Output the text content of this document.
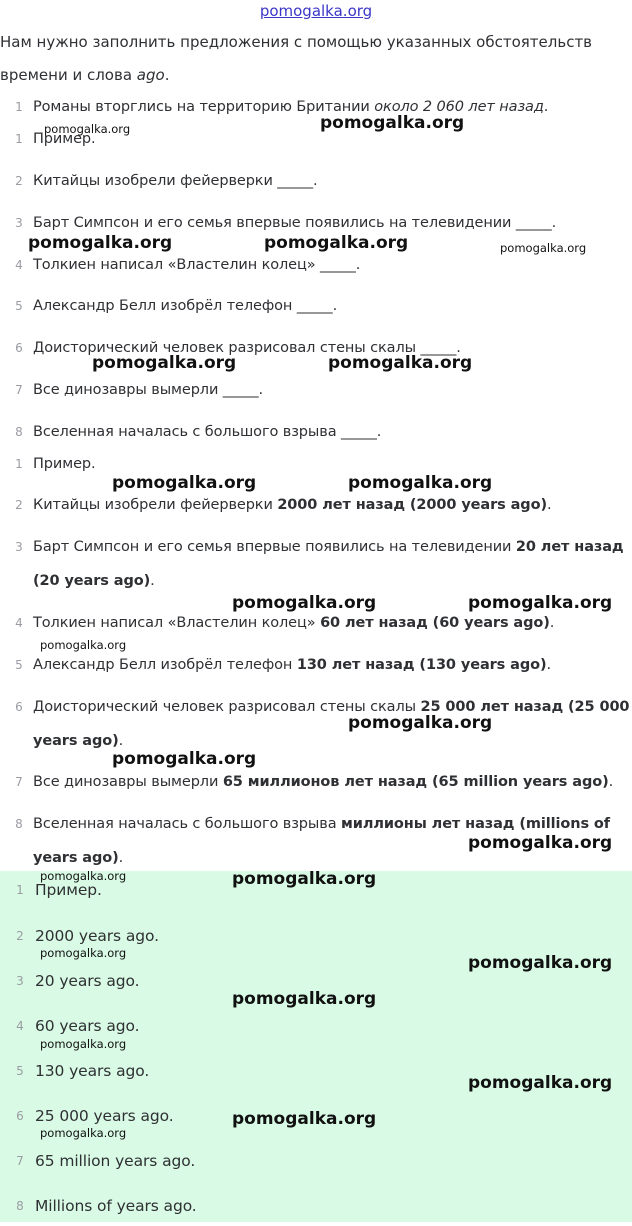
pomogalka.org
Нам нужно заполнить предложения с помощью указанных обстоятельств
времени и слова ago.
1 Романы вторглись на территорию Британии около 2 060 лет назад.
1 Пример.
2 Китайцы изобрели фейерверки _____.
3 Барт Симпсон и его семья впервые появились на телевидении _____.
4 Толкиен написал «Властелин колец» _____.
5 Александр Белл изобрёл телефон _____.
6 Доисторический человек разрисовал стены скалы _____.
7 Все динозавры вымерли _____.
8 Вселенная началась с большого взрыва _____.
1 Пример.
2 Китайцы изобрели фейерверки 2000 лет назад (2000 years ago).
3 Барт Симпсон и его семья впервые появились на телевидении 20 лет назад (20 years ago).
4 Толкиен написал «Властелин колец» 60 лет назад (60 years ago).
5 Александр Белл изобрёл телефон 130 лет назад (130 years ago).
6 Доисторический человек разрисовал стены скалы 25 000 лет назад (25 000 years ago).
7 Все динозавры вымерли 65 миллионов лет назад (65 million years ago).
8 Вселенная началась с большого взрыва миллионы лет назад (millions of years ago).
1 Пример.
2 2000 years ago.
3 20 years ago.
4 60 years ago.
5 130 years ago.
6 25 000 years ago.
7 65 million years ago.
8 Millions of years ago.
pomogalka.org	pomogalka.org
pomogalka.org	pomogalka.org	pomogalka.org
pomogalka.org	pomogalka.org
pomogalka.org	pomogalka.org
pomogalka.org	pomogalka.org
pomogalka.org
pomogalka.org
pomogalka.org
pomogalka.org
pomogalka.org	pomogalka.org
pomogalka.org	pomogalka.org
pomogalka.org
pomogalka.org
pomogalka.org
pomogalka.org
pomogalka.org
